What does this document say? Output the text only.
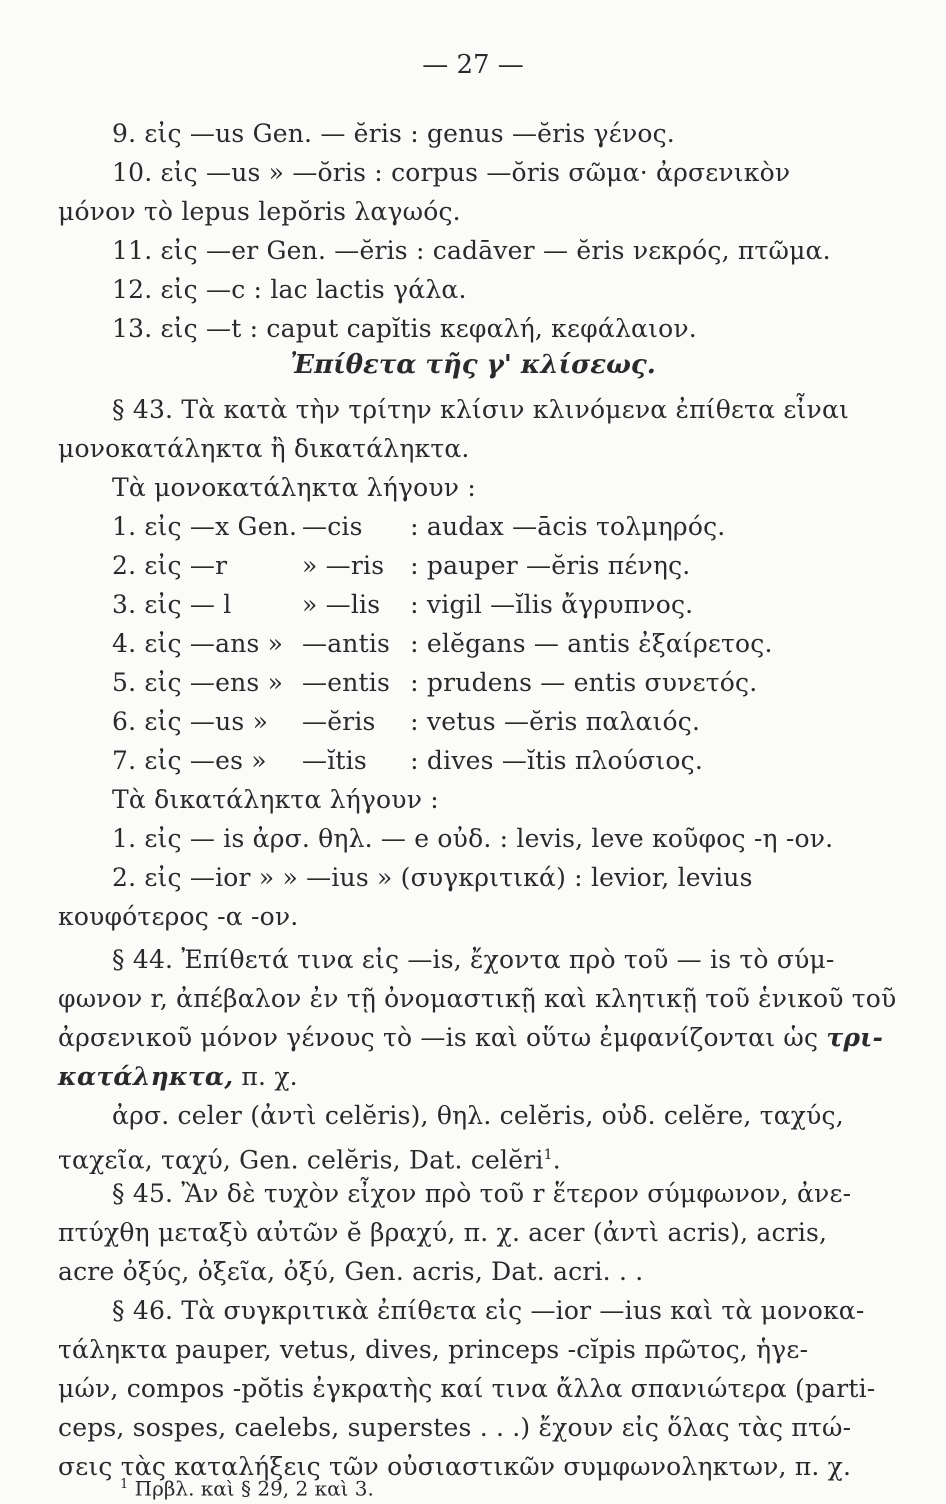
— 27 —
9. εἰς —us Gen. — ĕris : genus —ĕris γένος.
10. εἰς —us » —ŏris : corpus —ŏris σῶμα· ἀρσενικὸν
μόνον τὸ lepus lepŏris λαγωός.
11. εἰς —er Gen. —ĕris : cadāver — ĕris νεκρός, πτῶμα.
12. εἰς —c : lac lactis γάλα.
13. εἰς —t : caput capĭtis κεφαλή, κεφάλαιον.
Ἐπίθετα τῆς γ' κλίσεως.
§ 43. Τὰ κατὰ τὴν τρίτην κλίσιν κλινόμενα ἐπίθετα εἶναι
μονοκατάληκτα ἢ δικατάληκτα.
Τὰ μονοκατάληκτα λήγουν :
1. εἰς —x Gen. —cis : audax —ācis τολμηρός.
2. εἰς —r	» —ris : pauper —ĕris πένης.
3. εἰς — l	» —lis : vigil —ĭlis ἄγρυπνος.
4. εἰς —ans » —antis : elĕgans — antis ἐξαίρετος.
5. εἰς —ens » —entis : prudens — entis συνετός.
6. εἰς —us » —ĕris : vetus —ĕris παλαιός.
7. εἰς —es » —ĭtis : dives —ĭtis πλούσιος.
Τὰ δικατάληκτα λήγουν :
1. εἰς — is ἀρσ. θηλ. — e οὐδ. : levis, leve κοῦφος -η -ον.
2. εἰς —ior » » —ius » (συγκριτικά) : levior, levius
κουφότερος -α -ον.
§ 44. Ἐπίθετά τινα εἰς —is, ἔχοντα πρὸ τοῦ — is τὸ σύμ-
φωνον r, ἀπέβαλον ἐν τῇ ὀνομαστικῇ καὶ κλητικῇ τοῦ ἑνικοῦ τοῦ
ἀρσενικοῦ μόνον γένους τὸ —is καὶ οὕτω ἐμφανίζονται ὡς τρι-
κατάληκτα, π. χ.
ἀρσ. celer (ἀντὶ celĕris), θηλ. celĕris, οὐδ. celĕre, ταχύς,
ταχεῖα, ταχύ, Gen. celĕris, Dat. celĕri$^1$.
§ 45. Ἂν δὲ τυχὸν εἶχον πρὸ τοῦ r ἕτερον σύμφωνον, ἀνε-
πτύχθη μεταξὺ αὐτῶν ĕ βραχύ, π. χ. acer (ἀντὶ acris), acris,
acre ὀξύς, ὀξεῖα, ὀξύ, Gen. acris, Dat. acri. . .
§ 46. Τὰ συγκριτικὰ ἐπίθετα εἰς —ior —ius καὶ τὰ μονοκα-
τάληκτα pauper, vetus, dives, princeps -cĭpis πρῶτος, ἡγε-
μών, compos -pŏtis ἐγκρατὴς καί τινα ἄλλα σπανιώτερα (parti-
ceps, sospes, caelebs, superstes . . .) ἔχουν εἰς ὅλας τὰς πτώ-
σεις τὰς καταλήξεις τῶν οὐσιαστικῶν συμφωνοληκτων, π. χ.
$^1$ Πρβλ. καὶ § 29, 2 καὶ 3.
